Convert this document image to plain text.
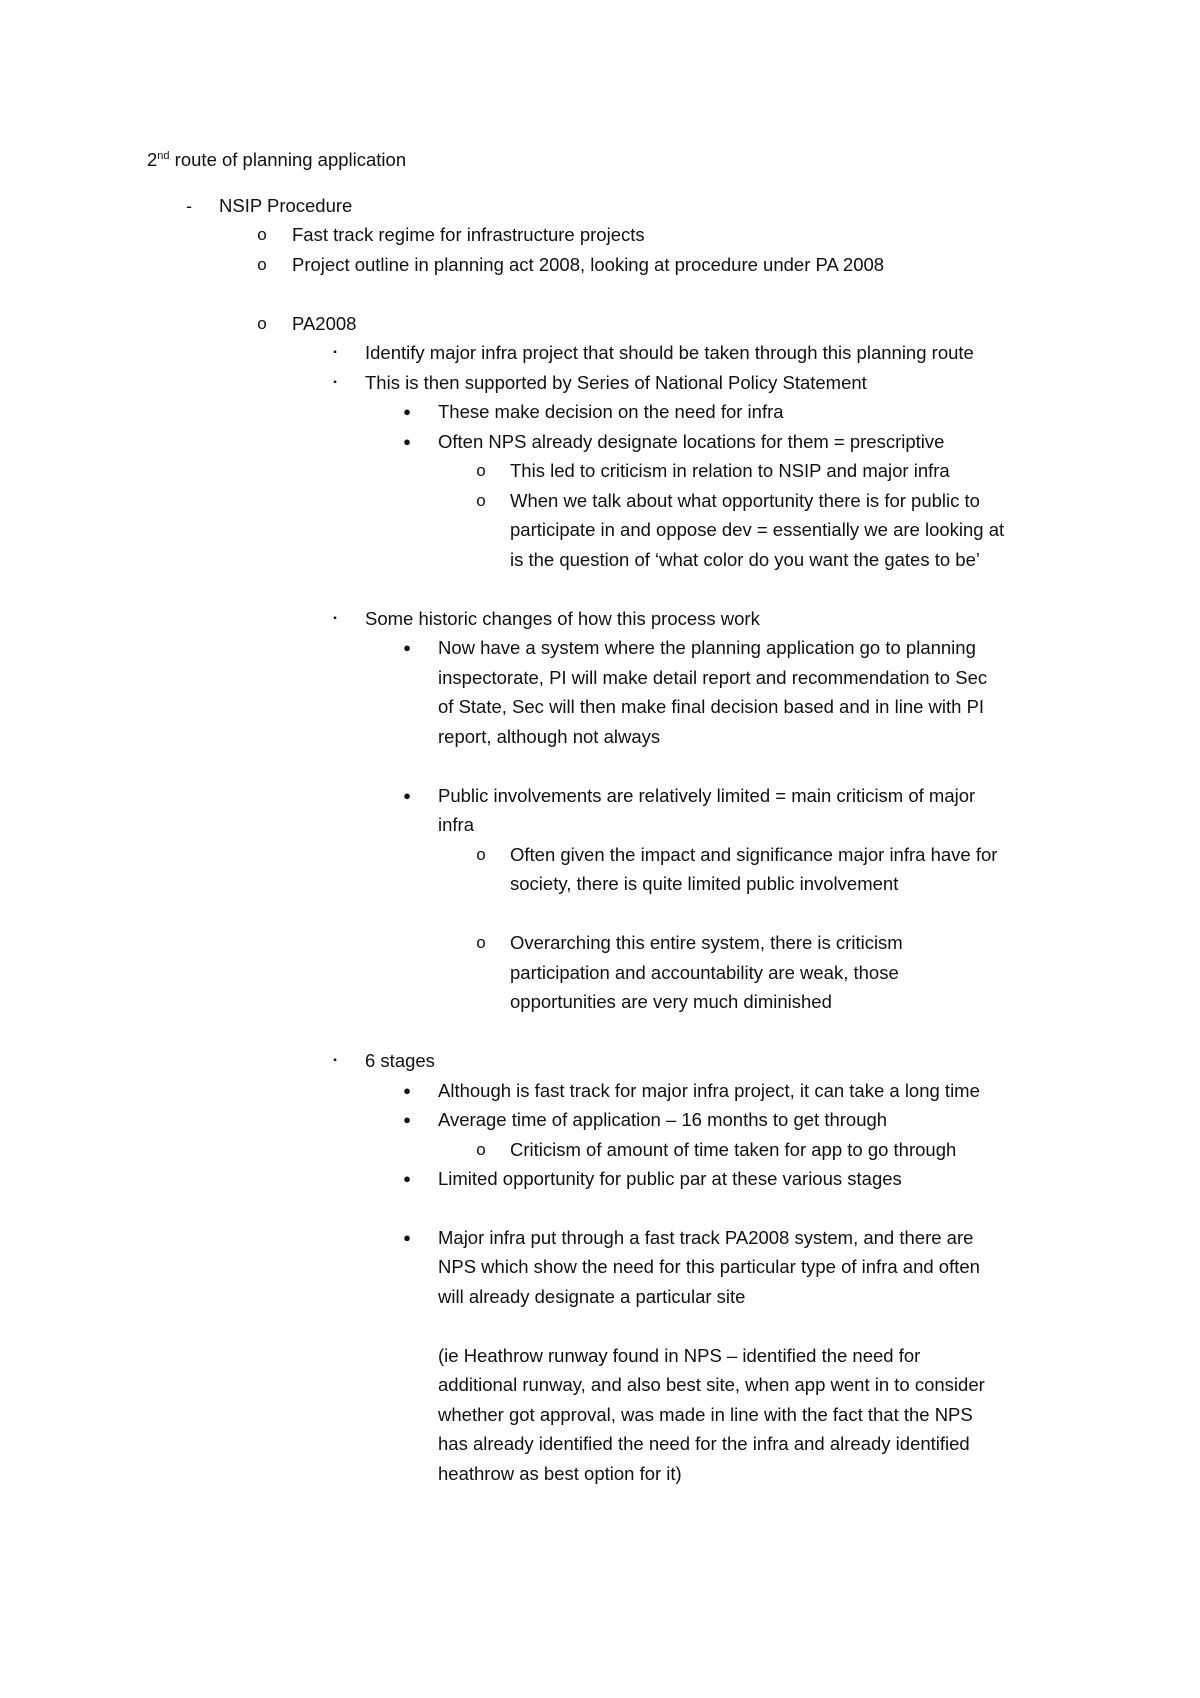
2nd route of planning application
- NSIP Procedure
o Fast track regime for infrastructure projects
o Project outline in planning act 2008, looking at procedure under PA 2008
o PA2008
▪ Identify major infra project that should be taken through this planning route
▪ This is then supported by Series of National Policy Statement
● These make decision on the need for infra
● Often NPS already designate locations for them = prescriptive
o This led to criticism in relation to NSIP and major infra
o When we talk about what opportunity there is for public to
participate in and oppose dev = essentially we are looking at
is the question of ‘what color do you want the gates to be’
▪ Some historic changes of how this process work
● Now have a system where the planning application go to planning
inspectorate, PI will make detail report and recommendation to Sec
of State, Sec will then make final decision based and in line with PI
report, although not always
● Public involvements are relatively limited = main criticism of major
infra
o Often given the impact and significance major infra have for
society, there is quite limited public involvement
o Overarching this entire system, there is criticism
participation and accountability are weak, those
opportunities are very much diminished
▪ 6 stages
● Although is fast track for major infra project, it can take a long time
● Average time of application – 16 months to get through
o Criticism of amount of time taken for app to go through
● Limited opportunity for public par at these various stages
● Major infra put through a fast track PA2008 system, and there are
NPS which show the need for this particular type of infra and often
will already designate a particular site
(ie Heathrow runway found in NPS – identified the need for
additional runway, and also best site, when app went in to consider
whether got approval, was made in line with the fact that the NPS
has already identified the need for the infra and already identified
heathrow as best option for it)
